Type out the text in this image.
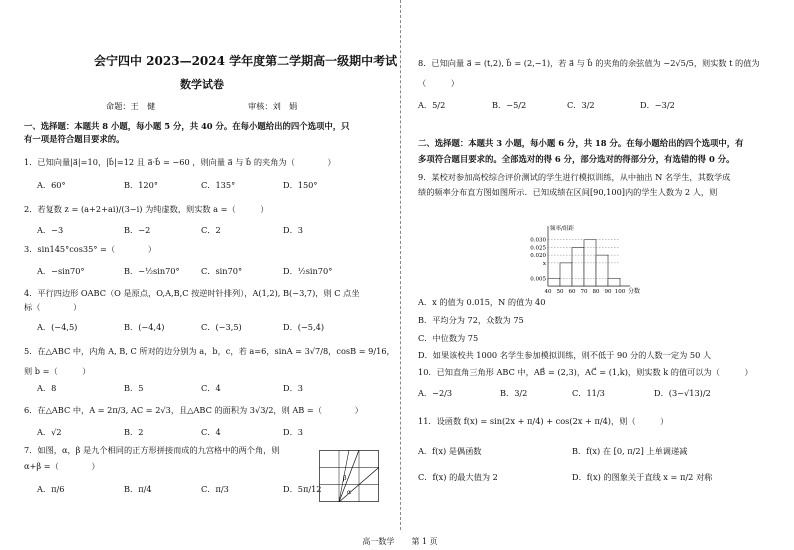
会宁四中 2023—2024 学年度第二学期高一级期中考试
数学试卷
命题：王　健	审核：刘　娟
一、选择题：本题共 8 小题，每小题 5 分，共 40 分。在每小题给出的四个选项中，只
有一项是符合题目要求的。
1．已知向量|a⃗|=10，|b⃗|=12 且 a⃗·b⃗ = −60 ，则向量 a⃗ 与 b⃗ 的夹角为（　　　　）
A．60°	B．120°	C．135°	D．150°
2．若复数 z = (a+2+ai)/(3−i) 为纯虚数，则实数 a =（　　　）
A．−3	B．−2	C．2	D．3
3．sin145°cos35° =（　　　　）
A．−sin70°	B．−½sin70°	C．sin70°	D．½sin70°
4．平行四边形 OABC（O 是原点，O,A,B,C 按逆时针排列），A(1,2), B(−3,7)，则 C 点坐
标（　　　　）
A．(−4,5)	B．(−4,4)	C．(−3,5)	D．(−5,4)
5．在△ABC 中，内角 A, B, C 所对的边分别为 a，b，c，若 a=6，sinA = 3√7/8，cosB = 9/16，
则 b =（　　　）
A．8	B．5	C．4	D．3
6．在△ABC 中，A = 2π/3, AC = 2√3，且△ABC 的面积为 3√3/2，则 AB =（　　　　）
A．√2	B．2	C．4	D．3
7．如图，α，β 是九个相同的正方形拼接而成的九宫格中的两个角，则
α+β =（　　　　）
A．π/6	B．π/4	C．π/3	D．5π/12
β
α
8．已知向量 a⃗ = (t,2), b⃗ = (2,−1)，若 a⃗ 与 b⃗ 的夹角的余弦值为 −2√5/5，则实数 t 的值为
（　　　）
A．5/2	B．−5/2	C．3/2	D．−3/2
二、选择题：本题共 3 小题，每小题 6 分，共 18 分。在每小题给出的四个选项中，有
多项符合题目要求的。全部选对的得 6 分，部分选对的得部分分，有选错的得 0 分。
9．某校对参加高校综合评价测试的学生进行模拟训练，从中抽出 N 名学生，其数学成
绩的频率分布直方图如图所示．已知成绩在区间[90,100]内的学生人数为 2 人，则
A．x 的值为 0.015，N 的值为 40
B．平均分为 72，众数为 75
C．中位数为 75
D．如果该校共 1000 名学生参加模拟训练，则不低于 90 分的人数一定为 50 人
10．已知直角三角形 ABC 中，AB⃗ = (2,3)，AC⃗ = (1,k)，则实数 k 的值可以为（　　　）
A．−2/3	B．3/2	C．11/3	D．(3−√13)/2
11．设函数 f(x) = sin(2x + π/4) + cos(2x + π/4)，则（　　　）
A．f(x) 是偶函数	B．f(x) 在 [0, π/2] 上单调递减
C．f(x) 的最大值为 2	D．f(x) 的图象关于直线 x = π/2 对称
0.030
0.025
0.020
x
0.005
40 50 60 70 80 90 100 分数
频率/组距
高一数学 第 1 页
